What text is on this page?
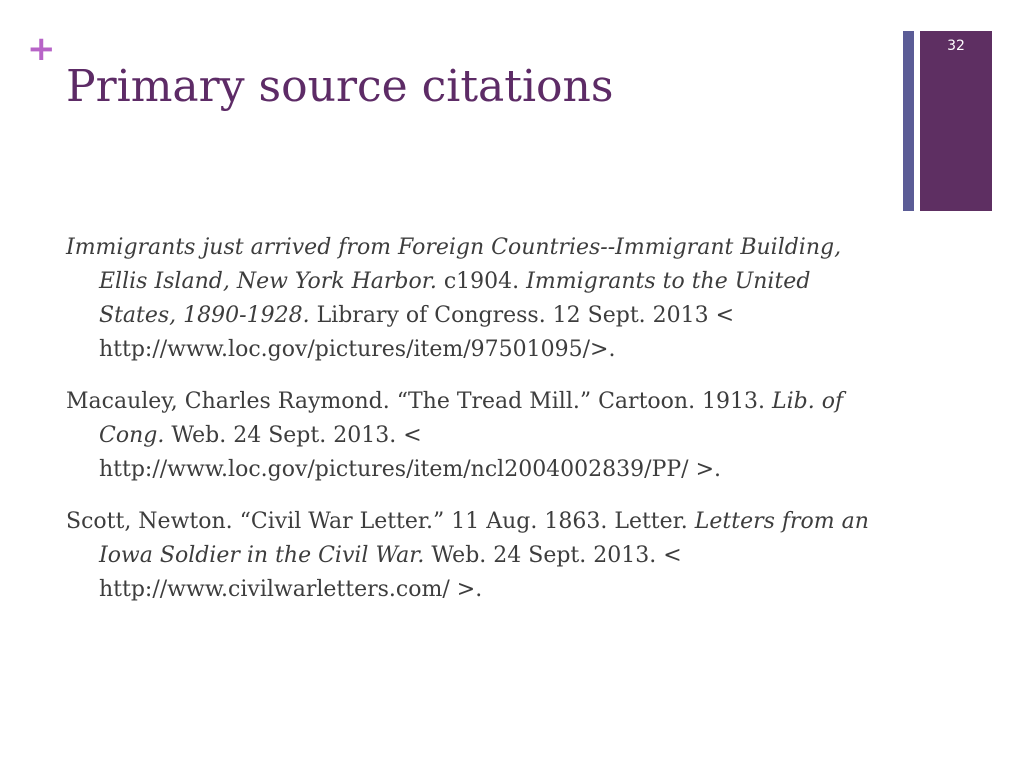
+
Primary source citations
32

Immigrants just arrived from Foreign Countries--Immigrant Building, Ellis Island, New York Harbor. c1904. Immigrants to the United States, 1890-1928. Library of Congress. 12 Sept. 2013 < http://www.loc.gov/pictures/item/97501095/>.

Macauley, Charles Raymond. “The Tread Mill.” Cartoon. 1913. Lib. of Cong. Web. 24 Sept. 2013. < http://www.loc.gov/pictures/item/ncl2004002839/PP/ >.

Scott, Newton. “Civil War Letter.” 11 Aug. 1863. Letter. Letters from an Iowa Soldier in the Civil War. Web. 24 Sept. 2013. < http://www.civilwarletters.com/ >.
